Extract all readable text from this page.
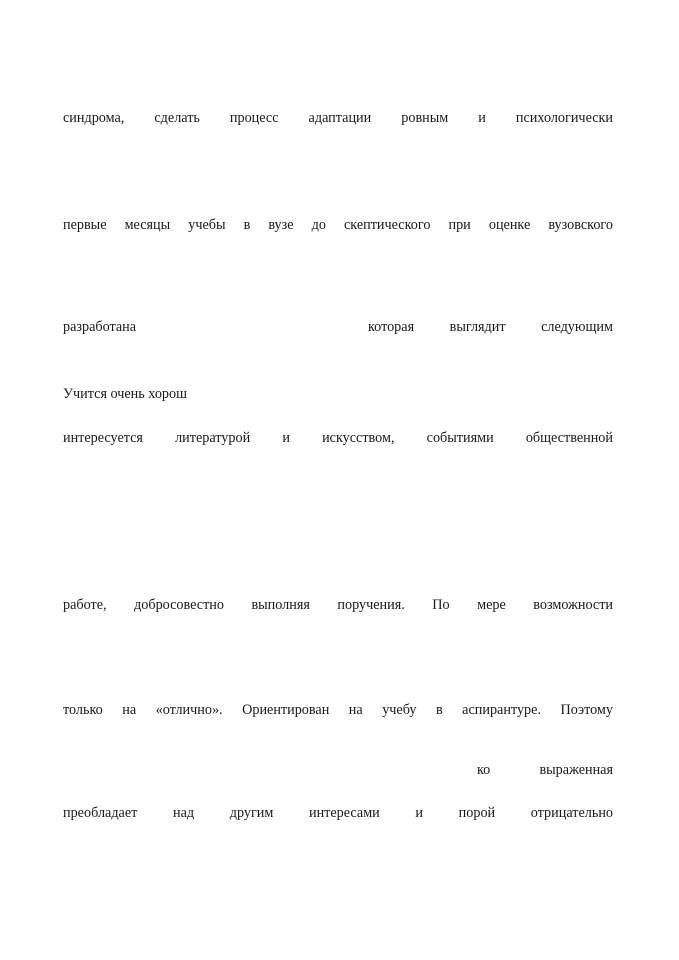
синдрома, сделать процесс адаптации ровным и психологически
первые месяцы учебы в вузе до скептического при оценке вузовского
разработана	которая выглядит следующим
Учится очень хорош
интересуется литературой и искусством, событиями общественной
работе, добросовестно выполняя поручения. По мере возможности
только на «отлично». Ориентирован на учебу в аспирантуре. Поэтому
ко выраженная
преобладает над другим интересами и порой отрицательно
